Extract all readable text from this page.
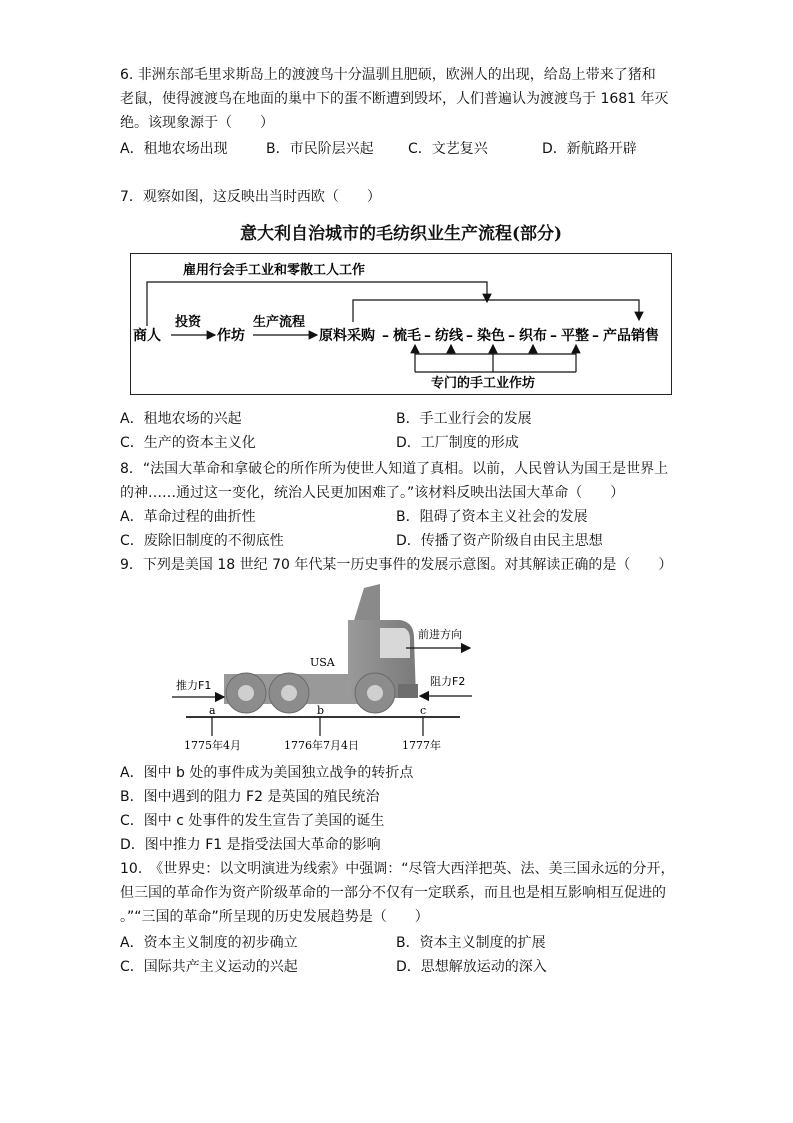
6. 非洲东部毛里求斯岛上的渡渡鸟十分温驯且肥硕，欧洲人的出现，给岛上带来了猪和
老鼠，使得渡渡鸟在地面的巢中下的蛋不断遭到毁坏，人们普遍认为渡渡鸟于 1681 年灭
绝。该现象源于（　　）
A．租地农场出现	B．市民阶层兴起 C．文艺复兴	D．新航路开辟
7．观察如图，这反映出当时西欧（　　）
意大利自治城市的毛纺织业生产流程(部分)
雇用行会手工业和零散工人工作
商人
投资
作坊
生产流程
原料采购 – 梳毛 – 纺线 – 染色 – 织布 – 平整 – 产品销售
专门的手工业作坊
A．租地农场的兴起	B．手工业行会的发展
C．生产的资本主义化	D．工厂制度的形成
8．“法国大革命和拿破仑的所作所为使世人知道了真相。以前，人民曾认为国王是世界上
的神……通过这一变化，统治人民更加困难了。”该材料反映出法国大革命（　　）
A．革命过程的曲折性	B．阻碍了资本主义社会的发展
C．废除旧制度的不彻底性	D．传播了资产阶级自由民主思想
9．下列是美国 18 世纪 70 年代某一历史事件的发展示意图。对其解读正确的是（　　）
USA
前进方向
推力F1	阻力F2
a	b	c
1775年4月	1776年7月4日	1777年
A．图中 b 处的事件成为美国独立战争的转折点
B．图中遇到的阻力 F2 是英国的殖民统治
C．图中 c 处事件的发生宣告了美国的诞生
D．图中推力 F1 是指受法国大革命的影响
10.　《世界史：以文明演进为线索》中强调：“尽管大西洋把英、法、美三国永远的分开，
但三国的革命作为资产阶级革命的一部分不仅有一定联系，而且也是相互影响相互促进的
。”“三国的革命”所呈现的历史发展趋势是（　　）
A．资本主义制度的初步确立	B．资本主义制度的扩展
C．国际共产主义运动的兴起	D．思想解放运动的深入
